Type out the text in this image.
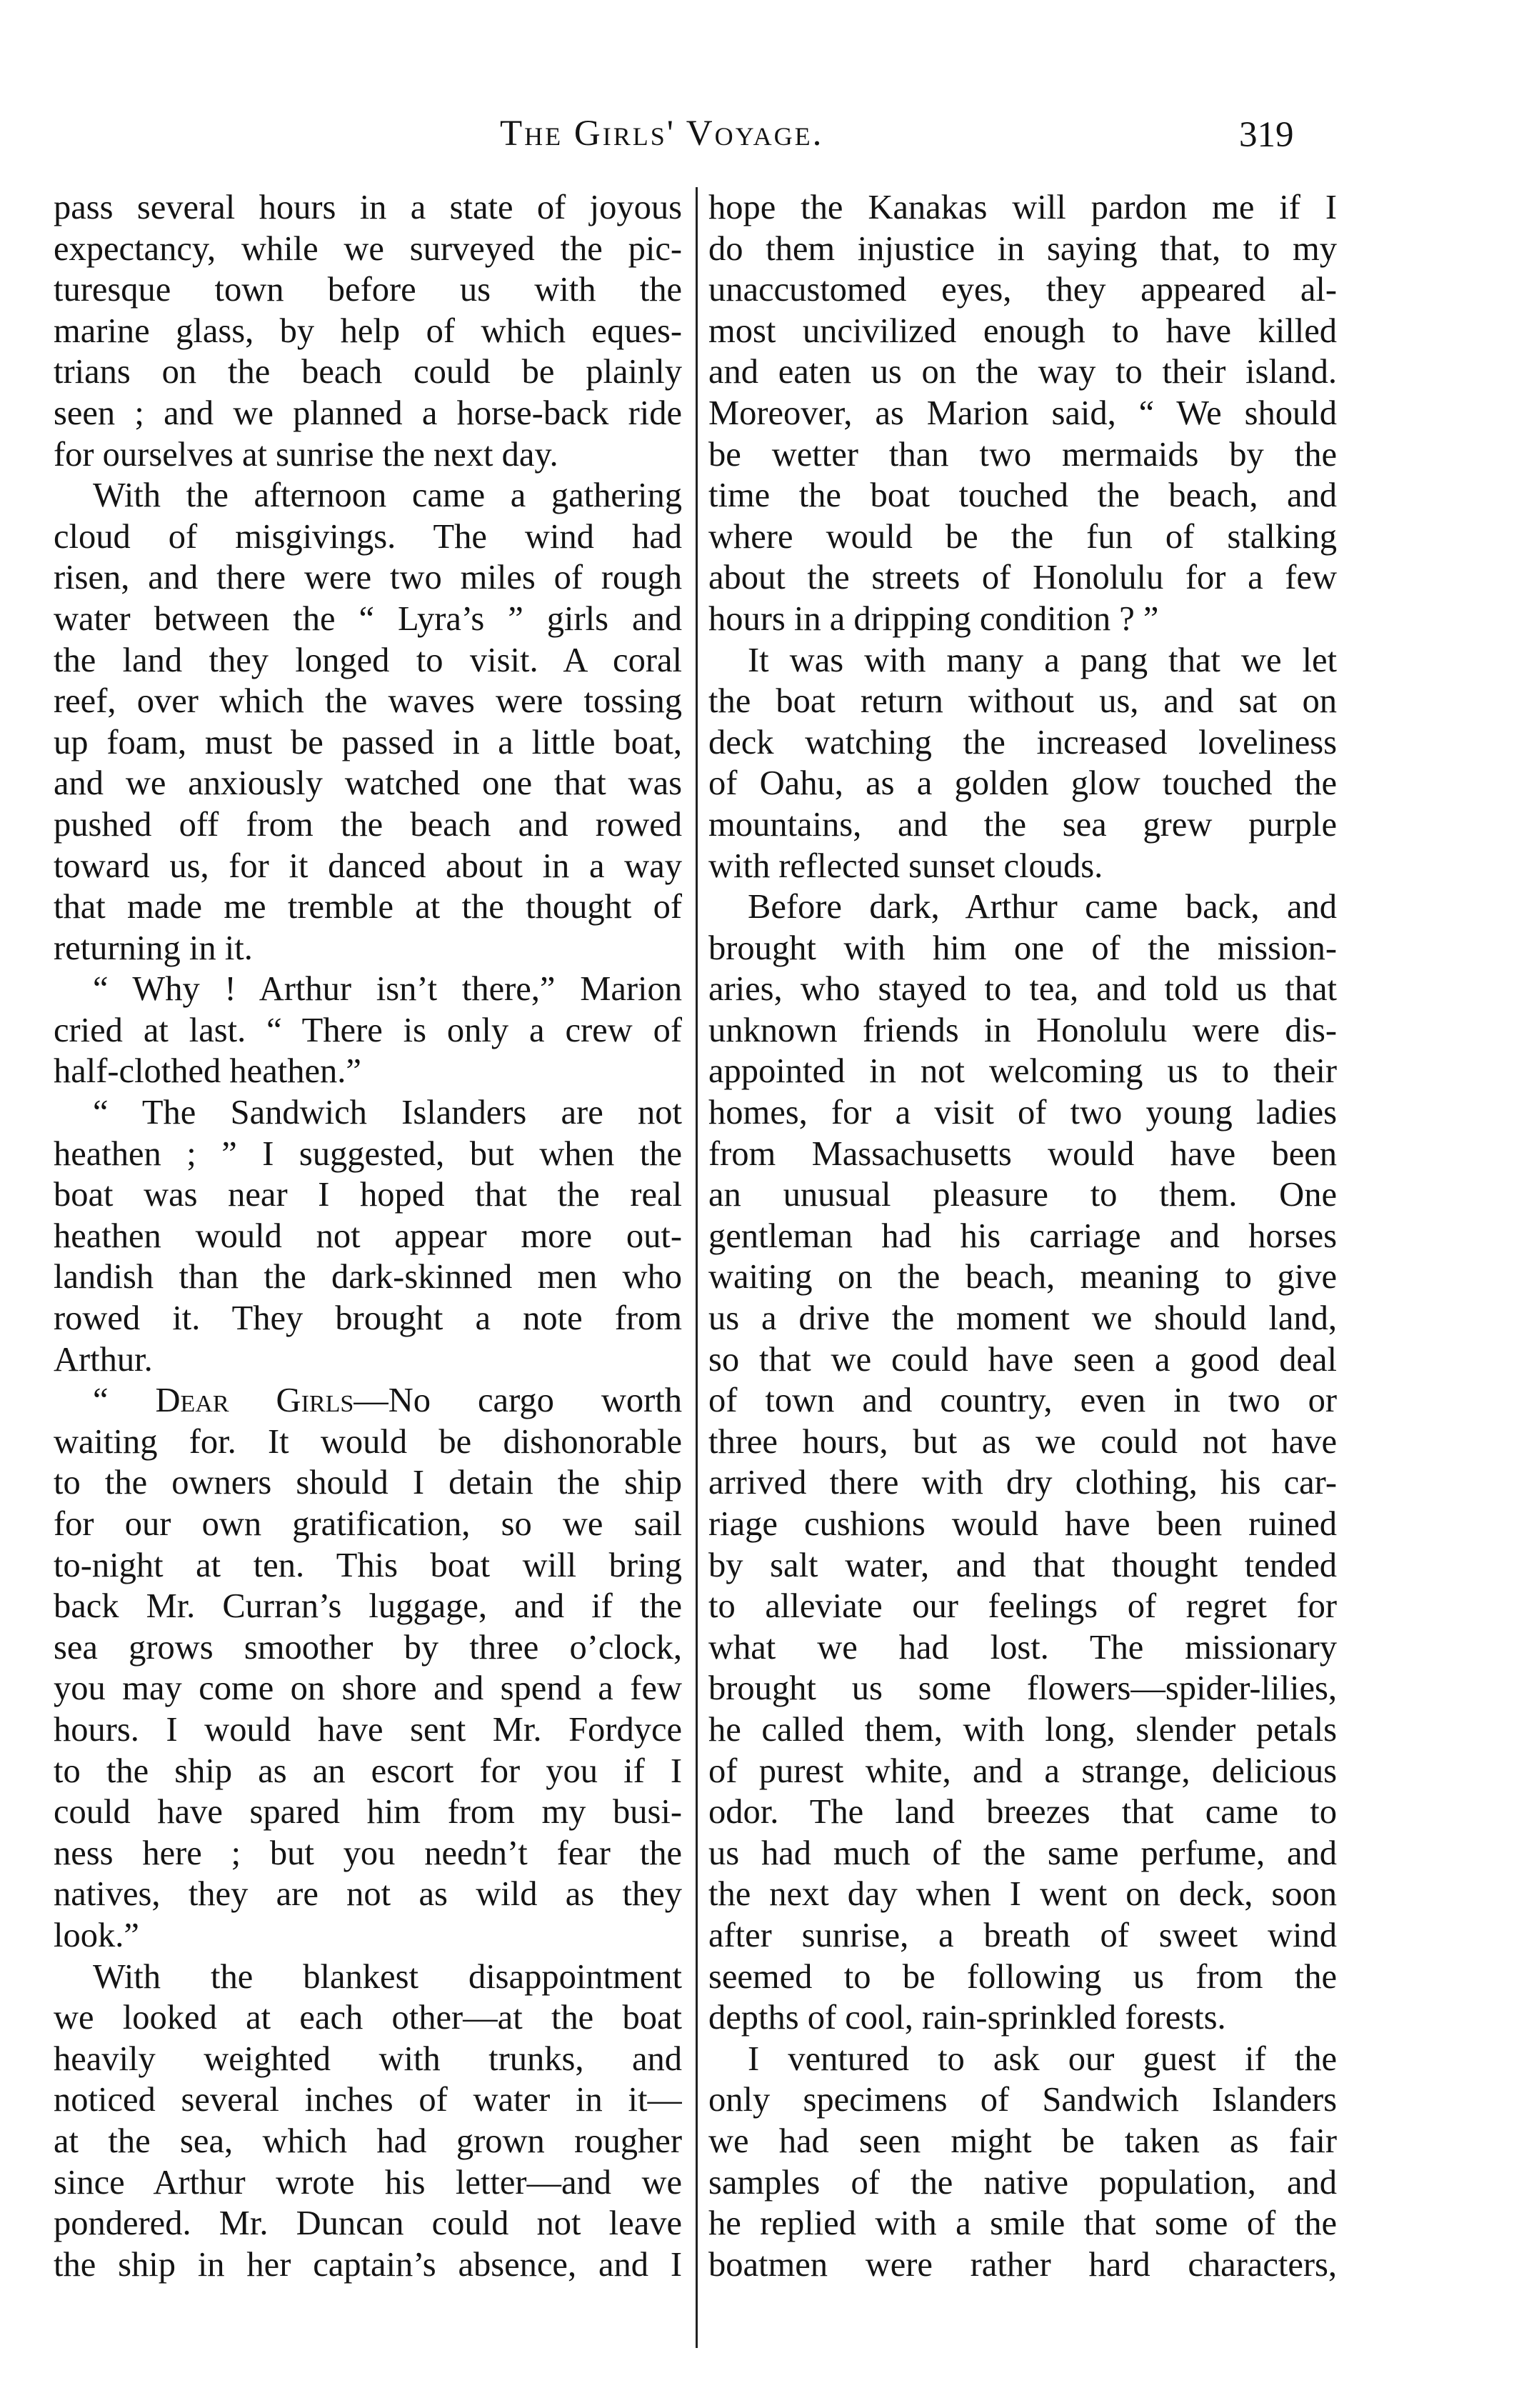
The Girls' Voyage.	319
pass several hours in a state of joyous
expectancy, while we surveyed the pic-
turesque town before us with the
marine glass, by help of which eques-
trians on the beach could be plainly
seen ; and we planned a horse-back ride
for ourselves at sunrise the next day.
With the afternoon came a gathering
cloud of misgivings. The wind had
risen, and there were two miles of rough
water between the “ Lyra’s ” girls and
the land they longed to visit. A coral
reef, over which the waves were tossing
up foam, must be passed in a little boat,
and we anxiously watched one that was
pushed off from the beach and rowed
toward us, for it danced about in a way
that made me tremble at the thought of
returning in it.
“ Why ! Arthur isn’t there,” Marion
cried at last. “ There is only a crew of
half-clothed heathen.”
“ The Sandwich Islanders are not
heathen ; ” I suggested, but when the
boat was near I hoped that the real
heathen would not appear more out-
landish than the dark-skinned men who
rowed it. They brought a note from
Arthur.
“ Dear Girls—No cargo worth
waiting for. It would be dishonorable
to the owners should I detain the ship
for our own gratification, so we sail
to-night at ten. This boat will bring
back Mr. Curran’s luggage, and if the
sea grows smoother by three o’clock,
you may come on shore and spend a few
hours. I would have sent Mr. Fordyce
to the ship as an escort for you if I
could have spared him from my busi-
ness here ; but you needn’t fear the
natives, they are not as wild as they
look.”
With the blankest disappointment
we looked at each other—at the boat
heavily weighted with trunks, and
noticed several inches of water in it—
at the sea, which had grown rougher
since Arthur wrote his letter—and we
pondered. Mr. Duncan could not leave
the ship in her captain’s absence, and I
hope the Kanakas will pardon me if I
do them injustice in saying that, to my
unaccustomed eyes, they appeared al-
most uncivilized enough to have killed
and eaten us on the way to their island.
Moreover, as Marion said, “ We should
be wetter than two mermaids by the
time the boat touched the beach, and
where would be the fun of stalking
about the streets of Honolulu for a few
hours in a dripping condition ? ”
It was with many a pang that we let
the boat return without us, and sat on
deck watching the increased loveliness
of Oahu, as a golden glow touched the
mountains, and the sea grew purple
with reflected sunset clouds.
Before dark, Arthur came back, and
brought with him one of the mission-
aries, who stayed to tea, and told us that
unknown friends in Honolulu were dis-
appointed in not welcoming us to their
homes, for a visit of two young ladies
from Massachusetts would have been
an unusual pleasure to them. One
gentleman had his carriage and horses
waiting on the beach, meaning to give
us a drive the moment we should land,
so that we could have seen a good deal
of town and country, even in two or
three hours, but as we could not have
arrived there with dry clothing, his car-
riage cushions would have been ruined
by salt water, and that thought tended
to alleviate our feelings of regret for
what we had lost. The missionary
brought us some flowers—spider-lilies,
he called them, with long, slender petals
of purest white, and a strange, delicious
odor. The land breezes that came to
us had much of the same perfume, and
the next day when I went on deck, soon
after sunrise, a breath of sweet wind
seemed to be following us from the
depths of cool, rain-sprinkled forests.
I ventured to ask our guest if the
only specimens of Sandwich Islanders
we had seen might be taken as fair
samples of the native population, and
he replied with a smile that some of the
boatmen were rather hard characters,
